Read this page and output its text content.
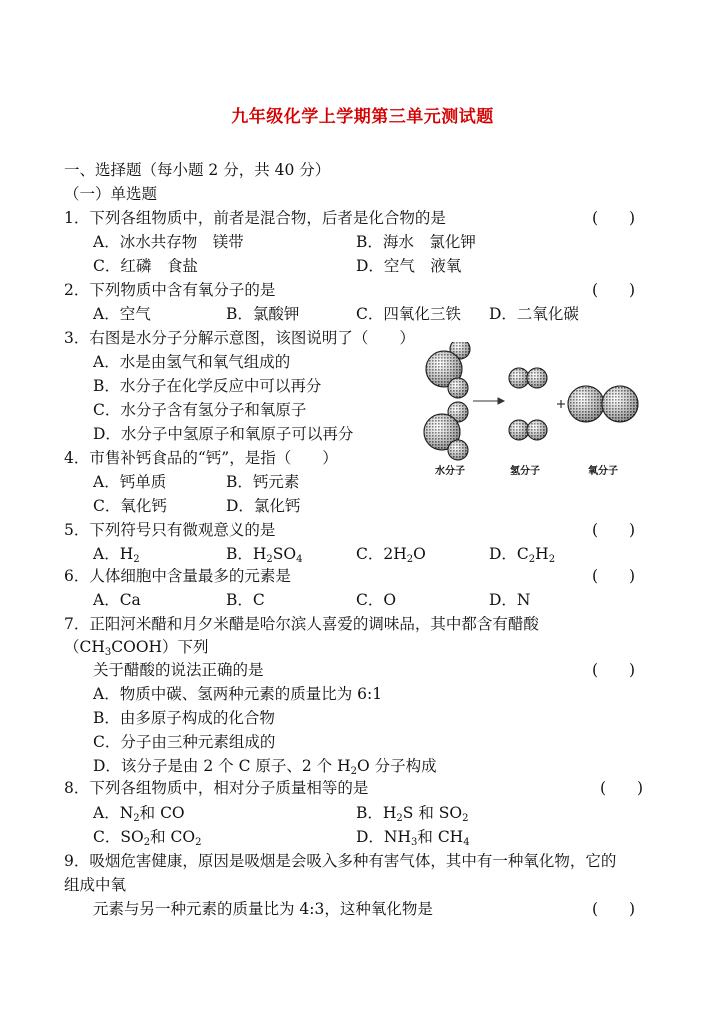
九年级化学上学期第三单元测试题
一、选择题（每小题 2 分，共 40 分）
（一）单选题
1．下列各组物质中，前者是混合物，后者是化合物的是	(　　)
A．冰水共存物　镁带	B．海水　氯化钾
C．红磷　食盐	D．空气　液氧
2．下列物质中含有氧分子的是	(　　)
A．空气	B．氯酸钾	C．四氧化三铁 D．二氧化碳
3．右图是水分子分解示意图，该图说明了（　　）
A．水是由氢气和氧气组成的
B．水分子在化学反应中可以再分
C．水分子含有氢分子和氧原子
D．水分子中氢原子和氧原子可以再分
水分子	氢分子	氧分子
4．市售补钙食品的“钙”，是指（　　）
A．钙单质	B．钙元素
C．氧化钙	D．氯化钙
5．下列符号只有微观意义的是	(　　)
A．$H_2$	B．$H_2SO_4$	C．$2H_2O$	D．$C_2H_2$
6．人体细胞中含量最多的元素是	(　　)
A．Ca	B．C	C．O	D．N
7．正阳河米醋和月夕米醋是哈尔滨人喜爱的调味品，其中都含有醋酸
$(CH_3COOH)$下列
关于醋酸的说法正确的是	(　　)
A．物质中碳、氢两种元素的质量比为 6:1
B．由多原子构成的化合物
C．分子由三种元素组成的
D．该分子是由 2 个 C 原子、2 个 $H_2O$ 分子构成
8．下列各组物质中，相对分子质量相等的是	(　　)
A．$N_2$和 CO	B．$H_2S$ 和 $SO_2$
C．$SO_2$和 $CO_2$	D．$NH_3$和 $CH_4$
9．吸烟危害健康，原因是吸烟是会吸入多种有害气体，其中有一种氧化物，它的
组成中氧
元素与另一种元素的质量比为 4:3，这种氧化物是	(　　)
